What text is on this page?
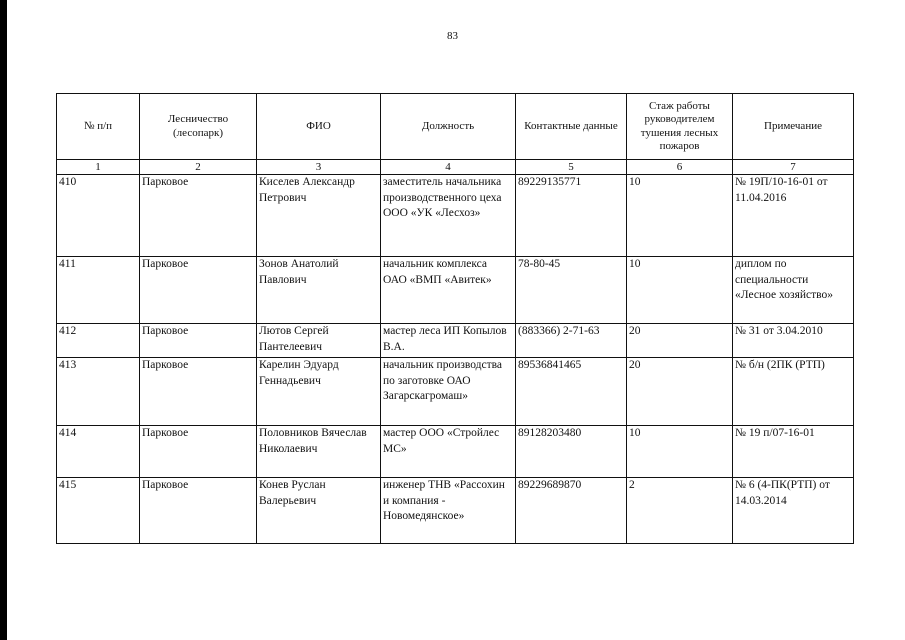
83
№ п/п	Лесничество (лесопарк)	ФИО	Должность	Контактные данные	Стаж работы руководителем тушения лесных пожаров	Примечание
1	2	3	4	5	6	7
410	Парковое	Киселев Александр Петрович	заместитель начальника производственного цеха ООО «УК «Лесхоз»	89229135771	10	№ 19П/10-16-01 от 11.04.2016
411	Парковое	Зонов Анатолий Павлович	начальник комплекса ОАО «ВМП «Авитек»	78-80-45	10	диплом по специальности «Лесное хозяйство»
412	Парковое	Лютов Сергей Пантелеевич	мастер леса ИП Копылов В.А.	(883366) 2-71-63	20	№ 31 от 3.04.2010
413	Парковое	Карелин Эдуард Геннадьевич	начальник производства по заготовке ОАО Загарскагромаш»	89536841465	20	№ б/н (2ПК (РТП)
414	Парковое	Половников Вячеслав Николаевич	мастер ООО «Стройлес МС»	89128203480	10	№ 19 п/07-16-01
415	Парковое	Конев Руслан Валерьевич	инженер ТНВ «Рассохин и компания - Новомедянское»	89229689870	2	№ 6 (4-ПК(РТП) от 14.03.2014
